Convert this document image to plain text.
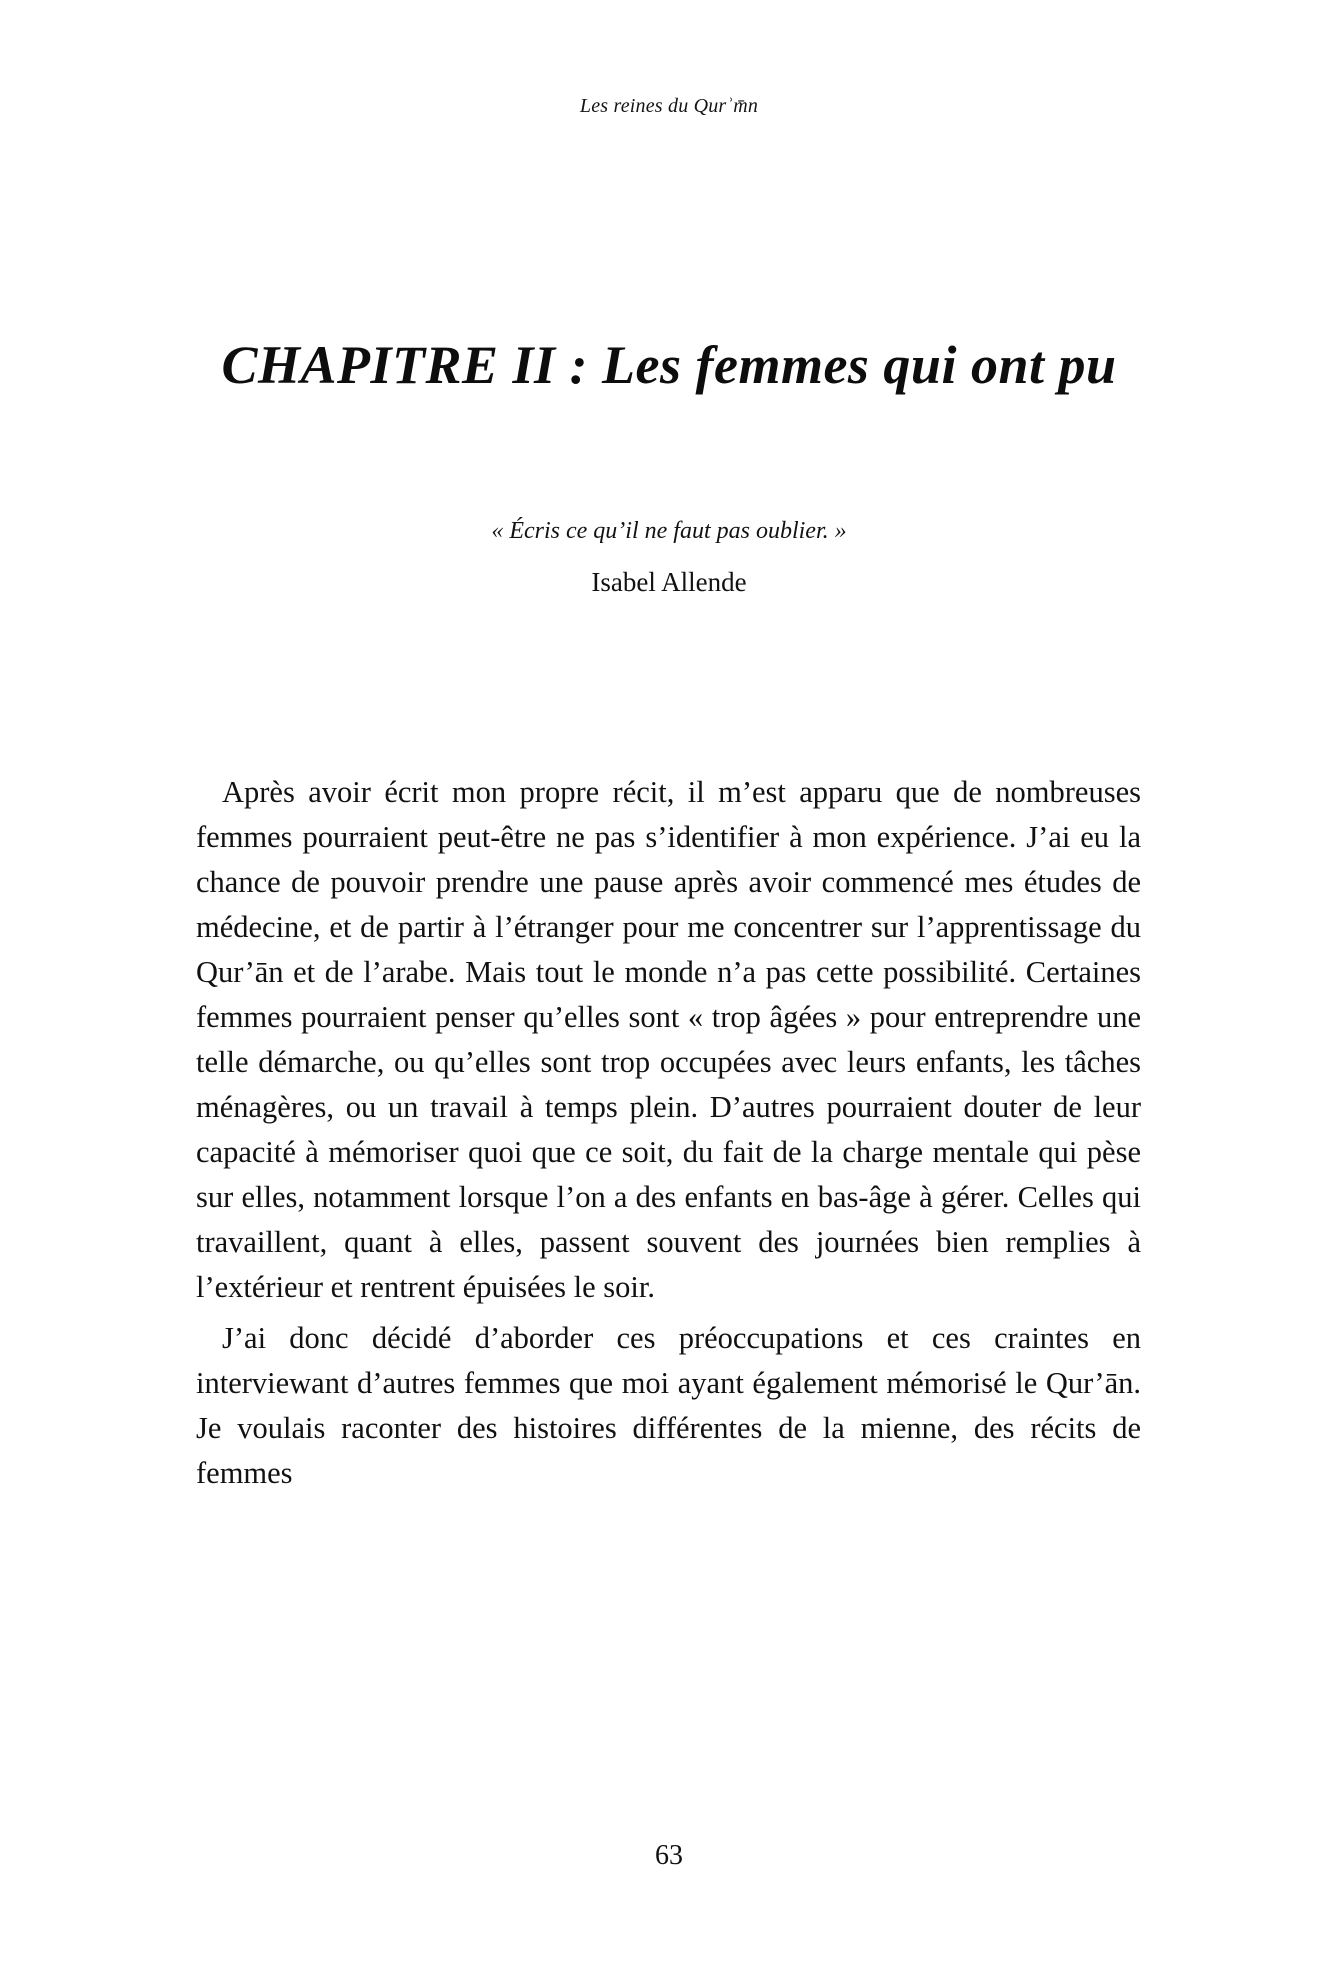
Les reines du Qurʾm̄n
CHAPITRE II : Les femmes qui ont pu
« Écris ce qu’il ne faut pas oublier. »
Isabel Allende

Après avoir écrit mon propre récit, il m’est apparu que de nombreuses femmes pourraient peut-être ne pas s’identifier à mon expérience. J’ai eu la chance de pouvoir prendre une pause après avoir commencé mes études de médecine, et de partir à l’étranger pour me concentrer sur l’apprentissage du Qur’ān et de l’arabe. Mais tout le monde n’a pas cette possibilité. Certaines femmes pourraient penser qu’elles sont « trop âgées » pour entreprendre une telle démarche, ou qu’elles sont trop occupées avec leurs enfants, les tâches ménagères, ou un travail à temps plein. D’autres pourraient douter de leur capacité à mémoriser quoi que ce soit, du fait de la charge mentale qui pèse sur elles, notamment lorsque l’on a des enfants en bas-âge à gérer. Celles qui travaillent, quant à elles, passent souvent des journées bien remplies à l’extérieur et rentrent épuisées le soir.

J’ai donc décidé d’aborder ces préoccupations et ces craintes en interviewant d’autres femmes que moi ayant également mémorisé le Qur’ān. Je voulais raconter des histoires différentes de la mienne, des récits de femmes

63
